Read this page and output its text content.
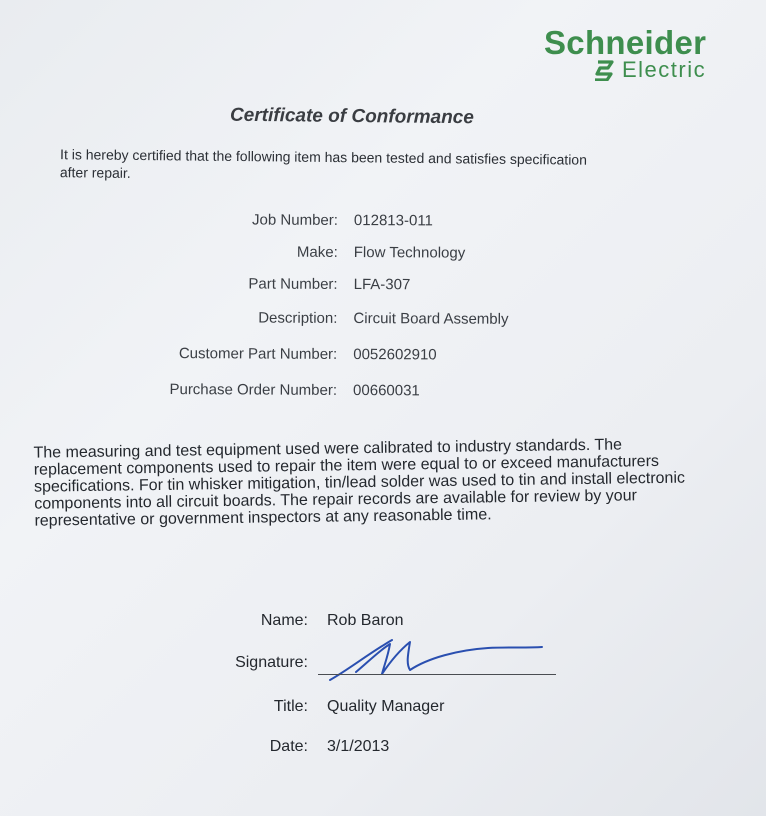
Schneider
Electric
Certificate of Conformance
It is hereby certified that the following item has been tested and satisfies specification after repair.
Job Number: 012813-011
Make: Flow Technology
Part Number: LFA-307
Description: Circuit Board Assembly
Customer Part Number: 0052602910
Purchase Order Number: 00660031
The measuring and test equipment used were calibrated to industry standards. The replacement components used to repair the item were equal to or exceed manufacturers specifications. For tin whisker mitigation, tin/lead solder was used to tin and install electronic components into all circuit boards. The repair records are available for review by your representative or government inspectors at any reasonable time.
Name: Rob Baron
Signature:
Title: Quality Manager
Date: 3/1/2013
